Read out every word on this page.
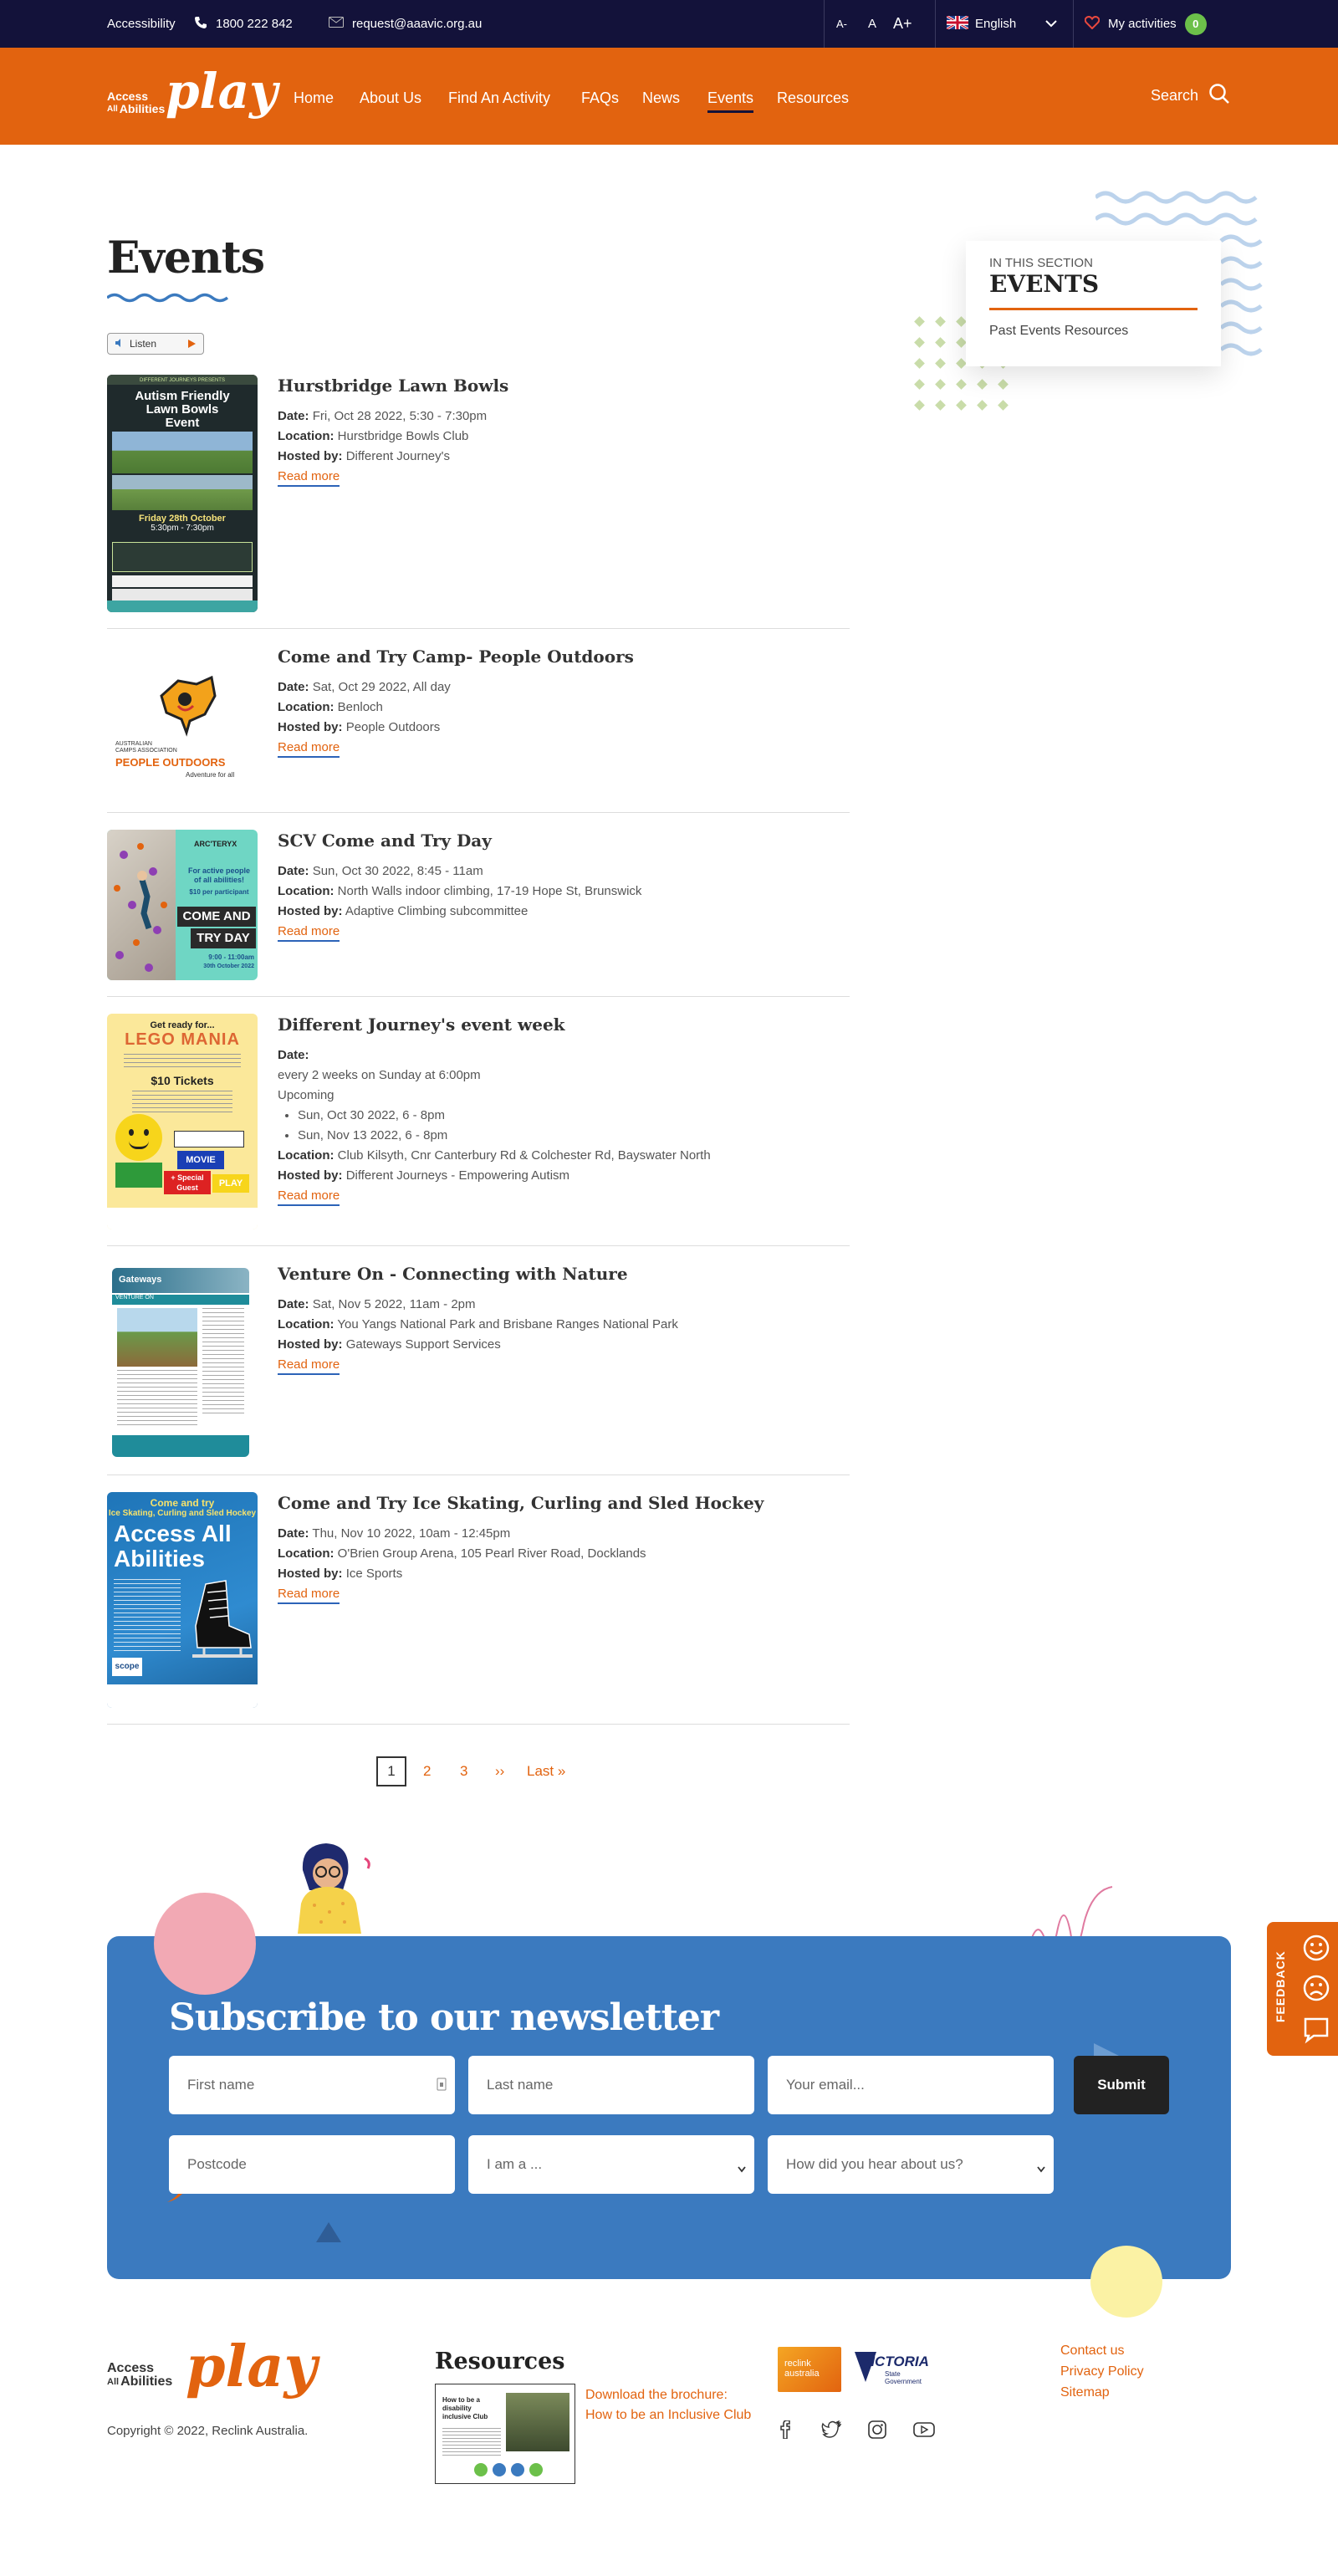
Accessibility	1800 222 842	request@aaavic.org.au	A- A A+	English	My activities	0
Access
All Abilities play Home About Us Find An Activity FAQs News Events Resources	Search
Events
Listen
IN THIS SECTION
EVENTS
Past Events Resources
DIFFERENT JOURNEYS PRESENTS
Autism Friendly
Lawn Bowls
Event
Friday 28th October
5:30pm - 7:30pm
Hurstbridge Lawn Bowls
Date: Fri, Oct 28 2022, 5:30 - 7:30pm
Location: Hurstbridge Bowls Club
Hosted by: Different Journey's
Read more
AUSTRALIAN
CAMPS ASSOCIATION
PEOPLE OUTDOORS
Adventure for all
Come and Try Camp- People Outdoors
Date: Sat, Oct 29 2022, All day
Location: Benloch
Hosted by: People Outdoors
Read more
ARC'TERYX
For active people of all abilities!
$10 per participant
COME AND
TRY DAY
9:00 - 11:00am
30th October 2022
SCV Come and Try Day
Date: Sun, Oct 30 2022, 8:45 - 11am
Location: North Walls indoor climbing, 17-19 Hope St, Brunswick
Hosted by: Adaptive Climbing subcommittee
Read more
Get ready for...
LEGO MANIA
$10 Tickets
MOVIE
+ Special Guest	PLAY
Different Journey's event week
Date:
every 2 weeks on Sunday at 6:00pm
Upcoming
• Sun, Oct 30 2022, 6 - 8pm
• Sun, Nov 13 2022, 6 - 8pm
Location: Club Kilsyth, Cnr Canterbury Rd & Colchester Rd, Bayswater North
Hosted by: Different Journeys - Empowering Autism
Read more
Gateways
VENTURE ON
Venture On - Connecting with Nature
Date: Sat, Nov 5 2022, 11am - 2pm
Location: You Yangs National Park and Brisbane Ranges National Park
Hosted by: Gateways Support Services
Read more
Come and try
Ice Skating, Curling and Sled Hockey
Access All
Abilities
scope
Come and Try Ice Skating, Curling and Sled Hockey
Date: Thu, Nov 10 2022, 10am - 12:45pm
Location: O'Brien Group Arena, 105 Pearl River Road, Docklands
Hosted by: Ice Sports
Read more
1	2 3 ›› Last »
Subscribe to our newsletter
First name	Last name	Your email...	Submit
Postcode	I am a ...	How did you hear about us?
FEEDBACK
Access
All Abilities play
Copyright © 2022, Reclink Australia.
Resources
How to be a disability inclusive Club
Download the brochure:
How to be an Inclusive Club
reclink australia
VICTORIA
State Government
Contact us
Privacy Policy
Sitemap
